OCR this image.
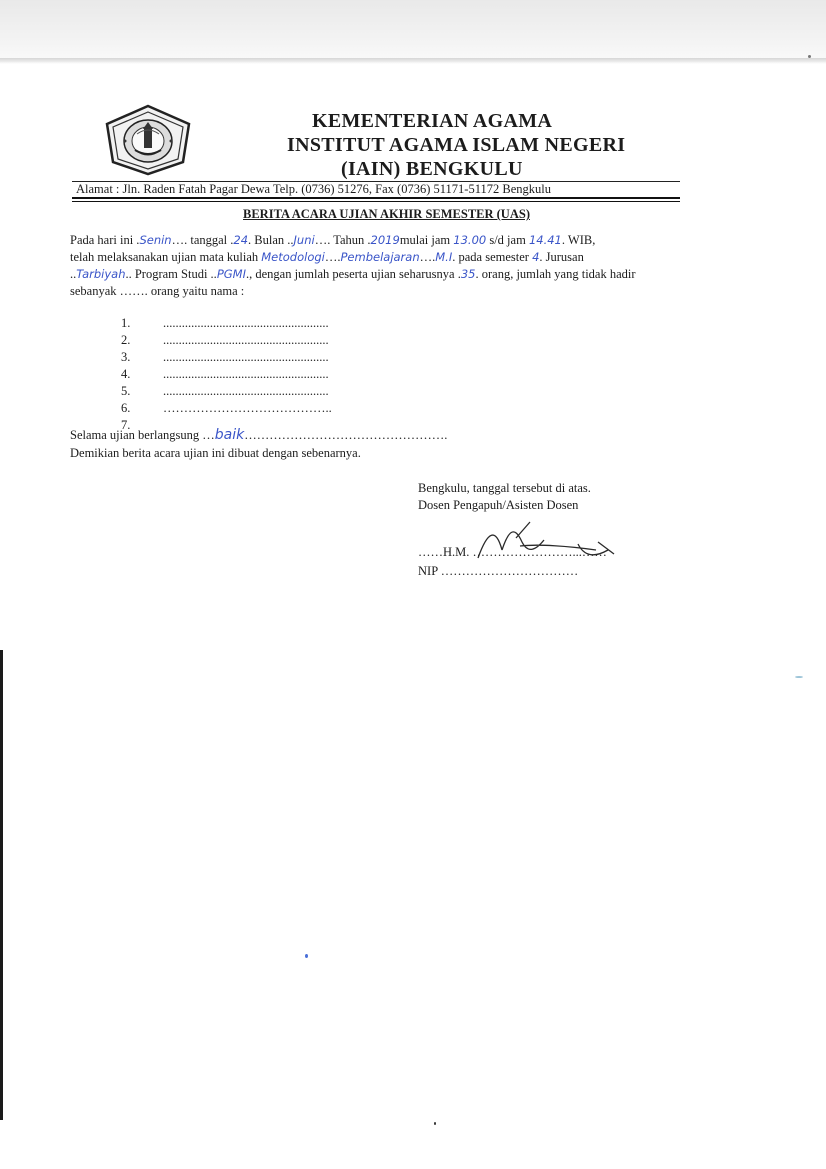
KEMENTERIAN AGAMA
INSTITUT AGAMA ISLAM NEGERI
(IAIN) BENGKULU
Alamat : Jln. Raden Fatah Pagar Dewa Telp. (0736) 51276, Fax (0736) 51171-51172 Bengkulu
BERITA ACARA UJIAN AKHIR SEMESTER (UAS)
Pada hari ini .Senin…. tanggal .24. Bulan ..Juni…. Tahun .2019mulai jam 13.00 s/d jam 14.41. WIB,
telah melaksanakan ujian mata kuliah Metodologi….Pembelajaran….M.I. pada semester 4. Jurusan
..Tarbiyah.. Program Studi ..PGMI., dengan jumlah peserta ujian seharusnya .35. orang, jumlah yang tidak hadir
sebanyak ……. orang yaitu nama :
1.	.....................................................
2.	.....................................................
3.	.....................................................
4.	.....................................................
5.	.....................................................
6.	…………………………………..
7.
Selama ujian berlangsung …baik………………………………………….
Demikian berita acara ujian ini dibuat dengan sebenarnya.
Bengkulu, tanggal tersebut di atas.
Dosen Pengapuh/Asisten Dosen
……H.M. ……………………...……
NIP ……………………………
